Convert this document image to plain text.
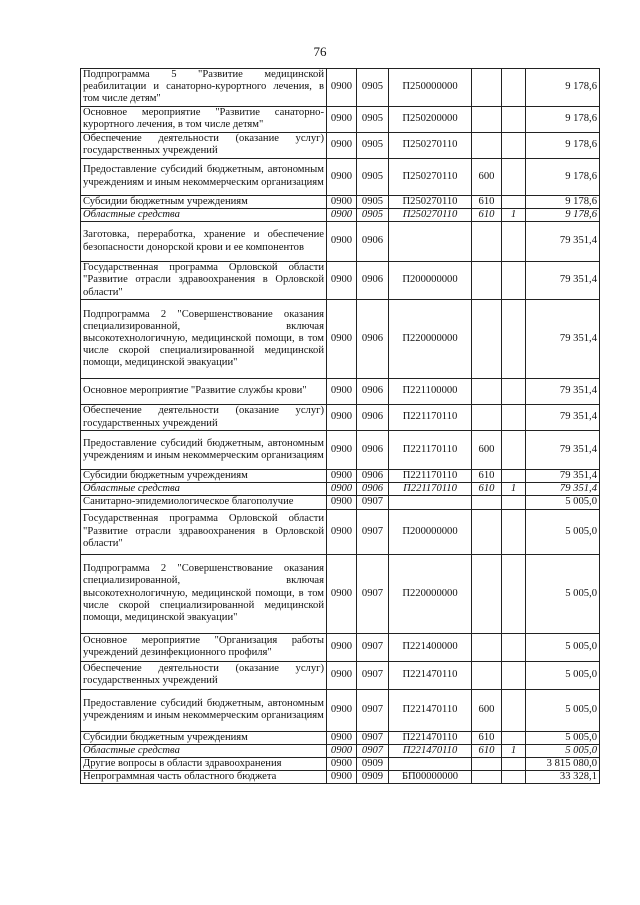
76
Подпрограмма 5 "Развитие медицинской реабилитации и санаторно-курортного лечения, в том числе детям"	0900	0905	П250000000			9 178,6
Основное мероприятие "Развитие санаторно-курортного лечения, в том числе детям"	0900	0905	П250200000			9 178,6
Обеспечение деятельности (оказание услуг) государственных учреждений	0900	0905	П250270110			9 178,6
Предоставление субсидий бюджетным, автономным учреждениям и иным некоммерческим организациям	0900	0905	П250270110	600		9 178,6
Субсидии бюджетным учреждениям	0900	0905	П250270110	610		9 178,6
Областные средства	0900	0905	П250270110	610	1	9 178,6
Заготовка, переработка, хранение и обеспечение безопасности донорской крови и ее компонентов	0900	0906				79 351,4
Государственная программа Орловской области "Развитие отрасли здравоохранения в Орловской области"	0900	0906	П200000000			79 351,4
Подпрограмма 2 "Совершенствование оказания специализированной, включая высокотехнологичную, медицинской помощи, в том числе скорой специализированной медицинской помощи, медицинской эвакуации"	0900	0906	П220000000			79 351,4
Основное мероприятие "Развитие службы крови"	0900	0906	П221100000			79 351,4
Обеспечение деятельности (оказание услуг) государственных учреждений	0900	0906	П221170110			79 351,4
Предоставление субсидий бюджетным, автономным учреждениям и иным некоммерческим организациям	0900	0906	П221170110	600		79 351,4
Субсидии бюджетным учреждениям	0900	0906	П221170110	610		79 351,4
Областные средства	0900	0906	П221170110	610	1	79 351,4
Санитарно-эпидемиологическое благополучие	0900	0907				5 005,0
Государственная программа Орловской области "Развитие отрасли здравоохранения в Орловской области"	0900	0907	П200000000			5 005,0
Подпрограмма 2 "Совершенствование оказания специализированной, включая высокотехнологичную, медицинской помощи, в том числе скорой специализированной медицинской помощи, медицинской эвакуации"	0900	0907	П220000000			5 005,0
Основное мероприятие "Организация работы учреждений дезинфекционного профиля"	0900	0907	П221400000			5 005,0
Обеспечение деятельности (оказание услуг) государственных учреждений	0900	0907	П221470110			5 005,0
Предоставление субсидий бюджетным, автономным учреждениям и иным некоммерческим организациям	0900	0907	П221470110	600		5 005,0
Субсидии бюджетным учреждениям	0900	0907	П221470110	610		5 005,0
Областные средства	0900	0907	П221470110	610	1	5 005,0
Другие вопросы в области здравоохранения	0900	0909				3 815 080,0
Непрограммная часть областного бюджета	0900	0909	БП00000000			33 328,1
